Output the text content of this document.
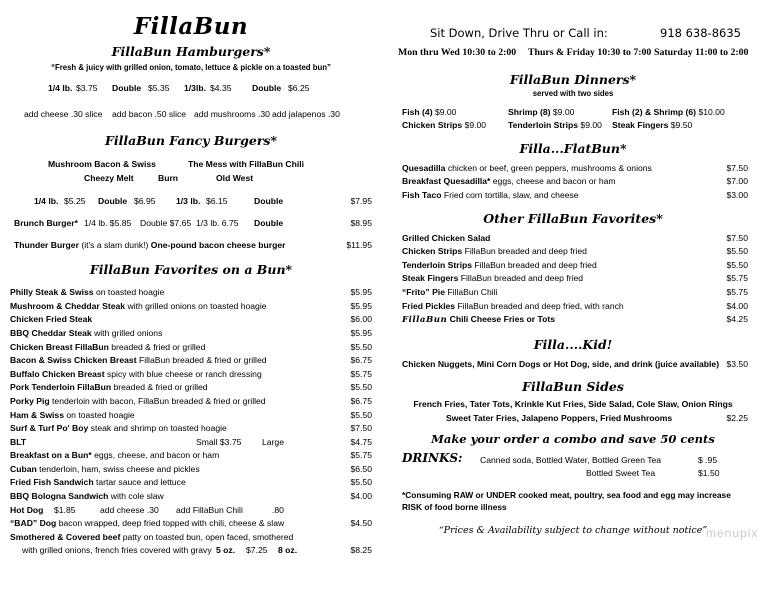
FillaBun
FillaBun Hamburgers*
“Fresh & juicy with grilled onion, tomato, lettuce & pickle on a toasted bun”
1/4 lb. $3.75 Double $5.35 1/3lb. $4.35 Double $6.25
add cheese .30 slice add bacon .50 slice add mushrooms .30 add jalapenos .30
FillaBun Fancy Burgers*
Mushroom Bacon & Swiss	The Mess with FillaBun Chili
Cheezy Melt	Burn	Old West
1/4 lb. $5.25 Double $6.95 1/3 lb. $6.15	Double	$7.95
Brunch Burger* 1/4 lb. $5.85 Double $7.65 1/3 lb. 6.75 Double	$8.95
Thunder Burger (it's a slam dunk!) One-pound bacon cheese burger	$11.95
FillaBun Favorites on a Bun*
Philly Steak & Swiss on toasted hoagie	$5.95
Mushroom & Cheddar Steak with grilled onions on toasted hoagie	$5.95
Chicken Fried Steak	$6.00
BBQ Cheddar Steak with grilled onions	$5.95
Chicken Breast FillaBun breaded & fried or grilled	$5.50
Bacon & Swiss Chicken Breast FillaBun breaded & fried or grilled	$6.75
Buffalo Chicken Breast spicy with blue cheese or ranch dressing	$5.75
Pork Tenderloin FillaBun breaded & fried or grilled	$5.50
Porky Pig tenderloin with bacon, FillaBun breaded & fried or grilled	$6.75
Ham & Swiss on toasted hoagie	$5.50
Surf & Turf Po' Boy steak and shrimp on toasted hoagie	$7.50
BLT	Small $3.75 Large	$4.75
Breakfast on a Bun* eggs, cheese, and bacon or ham	$5.75
Cuban tenderloin, ham, swiss cheese and pickles	$6.50
Fried Fish Sandwich tartar sauce and lettuce	$5.50
BBQ Bologna Sandwich with cole slaw	$4.00
Hot Dog $1.85	add cheese .30 add FillaBun Chili	.80
“BAD” Dog bacon wrapped, deep fried topped with chili, cheese & slaw	$4.50
Smothered & Covered beef patty on toasted bun, open faced, smothered
with grilled onions, french fries covered with gravy 5 oz. $7.25 8 oz.	$8.25
Sit Down, Drive Thru or Call in:	918 638-8635
Mon thru Wed 10:30 to 2:00 Thurs & Friday 10:30 to 7:00 Saturday 11:00 to 2:00
FillaBun Dinners*
served with two sides
Fish (4) $9.00	Shrimp (8) $9.00	Fish (2) & Shrimp (6) $10.00
Chicken Strips $9.00	Tenderloin Strips $9.00 Steak Fingers $9.50
Filla...FlatBun*
Quesadilla chicken or beef, green peppers, mushrooms & onions	$7.50
Breakfast Quesadilla* eggs, cheese and bacon or ham	$7.00
Fish Taco Fried corn tortilla, slaw, and cheese	$3.00
Other FillaBun Favorites*
Grilled Chicken Salad	$7.50
Chicken Strips FillaBun breaded and deep fried	$5.50
Tenderloin Strips FillaBun breaded and deep fried	$5.50
Steak Fingers FillaBun breaded and deep fried	$5.75
“Frito” Pie FillaBun Chili	$5.75
Fried Pickles FillaBun breaded and deep fried, with ranch	$4.00
FillaBun Chili Cheese Fries or Tots	$4.25
Filla....Kid!
Chicken Nuggets, Mini Corn Dogs or Hot Dog, side, and drink (juice available) $3.50
FillaBun Sides
French Fries, Tater Tots, Krinkle Kut Fries, Side Salad, Cole Slaw, Onion Rings
Sweet Tater Fries, Jalapeno Poppers, Fried Mushrooms	$2.25
Make your order a combo and save 50 cents
DRINKS: Canned soda, Bottled Water, Bottled Green Tea	$ .95
Bottled Sweet Tea	$1.50
*Consuming RAW or UNDER cooked meat, poultry, sea food and egg may increase RISK of food borne illness
“Prices & Availability subject to change without notice”
menupix
